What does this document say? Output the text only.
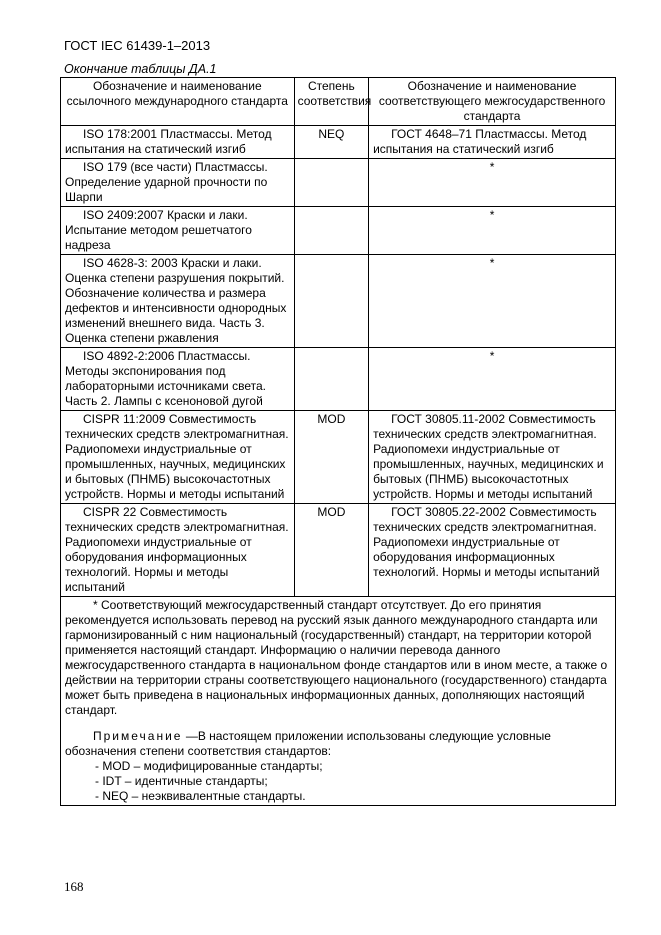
ГОСТ IEC 61439-1–2013
Окончание таблицы ДА.1
Обозначение и наименование ссылочного международного стандарта	Степень соответствия	Обозначение и наименование соответствующего межгосударственного стандарта
ISO 178:2001 Пластмассы. Метод испытания на статический изгиб	NEQ	ГОСТ 4648–71 Пластмассы. Метод испытания на статический изгиб
ISO 179 (все части) Пластмассы. Определение ударной прочности по Шарпи		*
ISO 2409:2007 Краски и лаки. Испытание методом решетчатого надреза		*
ISO 4628-3: 2003 Краски и лаки. Оценка степени разрушения покрытий. Обозначение количества и размера дефектов и интенсивности однородных изменений внешнего вида. Часть 3. Оценка степени ржавления		*
ISO 4892-2:2006 Пластмассы. Методы экспонирования под лабораторными источниками света. Часть 2. Лампы с ксеноновой дугой		*
CISPR 11:2009 Совместимость технических средств электромагнитная. Радиопомехи индустриальные от промышленных, научных, медицинских и бытовых (ПНМБ) высокочастотных устройств. Нормы и методы испытаний	MOD	ГОСТ 30805.11-2002 Совместимость технических средств электромагнитная. Радиопомехи индустриальные от промышленных, научных, медицинских и бытовых (ПНМБ) высокочастотных устройств. Нормы и методы испытаний
CISPR 22 Совместимость технических средств электромагнитная. Радиопомехи индустриальные от оборудования информационных технологий. Нормы и методы испытаний	MOD	ГОСТ 30805.22-2002 Совместимость технических средств электромагнитная. Радиопомехи индустриальные от оборудования информационных технологий. Нормы и методы испытаний

* Соответствующий межгосударственный стандарт отсутствует. До его принятия рекомендуется использовать перевод на русский язык данного международного стандарта или гармонизированный с ним национальный (государственный) стандарт, на территории которой применяется настоящий стандарт. Информацию о наличии перевода данного межгосударственного стандарта в национальном фонде стандартов или в ином месте, а также о действии на территории страны соответствующего национального (государственного) стандарта может быть приведена в национальных информационных данных, дополняющих настоящий стандарт.

Примечание —В настоящем приложении использованы следующие условные обозначения степени соответствия стандартов:

- MOD – модифицированные стандарты;

- IDT – идентичные стандарты;

- NEQ – неэквивалентные стандарты.		

168
